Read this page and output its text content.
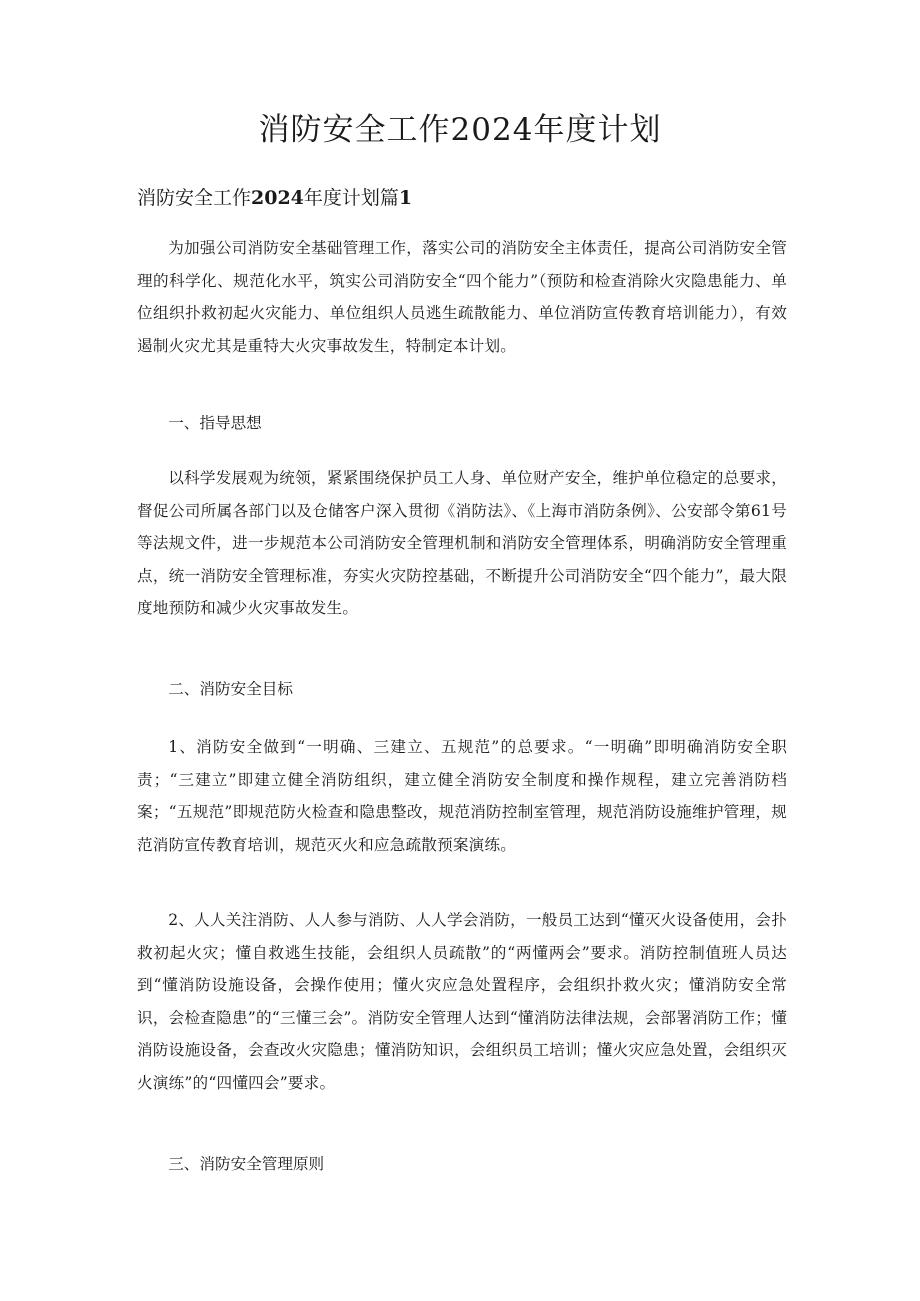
消防安全工作2024年度计划
消防安全工作2024年度计划篇1

为加强公司消防安全基础管理工作，落实公司的消防安全主体责任，提高公司消防安全管理的科学化、规范化水平，筑实公司消防安全“四个能力”（预防和检查消除火灾隐患能力、单位组织扑救初起火灾能力、单位组织人员逃生疏散能力、单位消防宣传教育培训能力），有效遏制火灾尤其是重特大火灾事故发生，特制定本计划。

一、指导思想

以科学发展观为统领，紧紧围绕保护员工人身、单位财产安全，维护单位稳定的总要求，督促公司所属各部门以及仓储客户深入贯彻《消防法》、《上海市消防条例》、公安部令第61号等法规文件，进一步规范本公司消防安全管理机制和消防安全管理体系，明确消防安全管理重点，统一消防安全管理标准，夯实火灾防控基础，不断提升公司消防安全“四个能力”，最大限度地预防和减少火灾事故发生。

二、消防安全目标

1、消防安全做到“一明确、三建立、五规范”的总要求。“一明确”即明确消防安全职责；“三建立”即建立健全消防组织，建立健全消防安全制度和操作规程，建立完善消防档案；“五规范”即规范防火检查和隐患整改，规范消防控制室管理，规范消防设施维护管理，规范消防宣传教育培训，规范灭火和应急疏散预案演练。

2、人人关注消防、人人参与消防、人人学会消防，一般员工达到“懂灭火设备使用，会扑救初起火灾；懂自救逃生技能，会组织人员疏散”的“两懂两会”要求。消防控制值班人员达到“懂消防设施设备，会操作使用；懂火灾应急处置程序，会组织扑救火灾；懂消防安全常识，会检查隐患”的“三懂三会”。消防安全管理人达到“懂消防法律法规，会部署消防工作；懂消防设施设备，会查改火灾隐患；懂消防知识，会组织员工培训；懂火灾应急处置，会组织灭火演练”的“四懂四会”要求。

三、消防安全管理原则
